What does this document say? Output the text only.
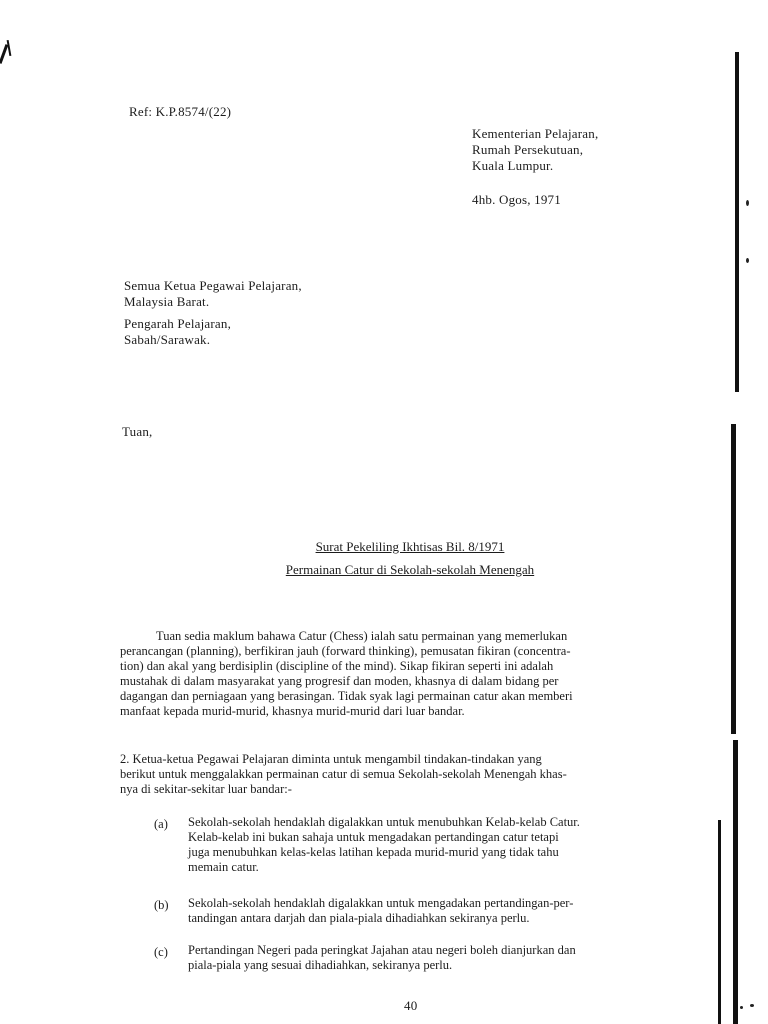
Ref: K.P.8574/(22)
Kementerian Pelajaran,
Rumah Persekutuan,
Kuala Lumpur.
4hb. Ogos, 1971
Semua Ketua Pegawai Pelajaran,
Malaysia Barat.
Pengarah Pelajaran,
Sabah/Sarawak.
Tuan,
Surat Pekeliling Ikhtisas Bil. 8/1971
Permainan Catur di Sekolah-sekolah Menengah
Tuan sedia maklum bahawa Catur (Chess) ialah satu permainan yang memerlukan
perancangan (planning), berfikiran jauh (forward thinking), pemusatan fikiran (concentra-
tion) dan akal yang berdisiplin (discipline of the mind). Sikap fikiran seperti ini adalah
mustahak di dalam masyarakat yang progresif dan moden, khasnya di dalam bidang per
dagangan dan perniagaan yang berasingan. Tidak syak lagi permainan catur akan memberi
manfaat kepada murid-murid, khasnya murid-murid dari luar bandar.
2. Ketua-ketua Pegawai Pelajaran diminta untuk mengambil tindakan-tindakan yang
berikut untuk menggalakkan permainan catur di semua Sekolah-sekolah Menengah khas-
nya di sekitar-sekitar luar bandar:-
(a) Sekolah-sekolah hendaklah digalakkan untuk menubuhkan Kelab-kelab Catur.
Kelab-kelab ini bukan sahaja untuk mengadakan pertandingan catur tetapi
juga menubuhkan kelas-kelas latihan kepada murid-murid yang tidak tahu
memain catur.
(b) Sekolah-sekolah hendaklah digalakkan untuk mengadakan pertandingan-per-
tandingan antara darjah dan piala-piala dihadiahkan sekiranya perlu.
(c) Pertandingan Negeri pada peringkat Jajahan atau negeri boleh dianjurkan dan
piala-piala yang sesuai dihadiahkan, sekiranya perlu.
40
